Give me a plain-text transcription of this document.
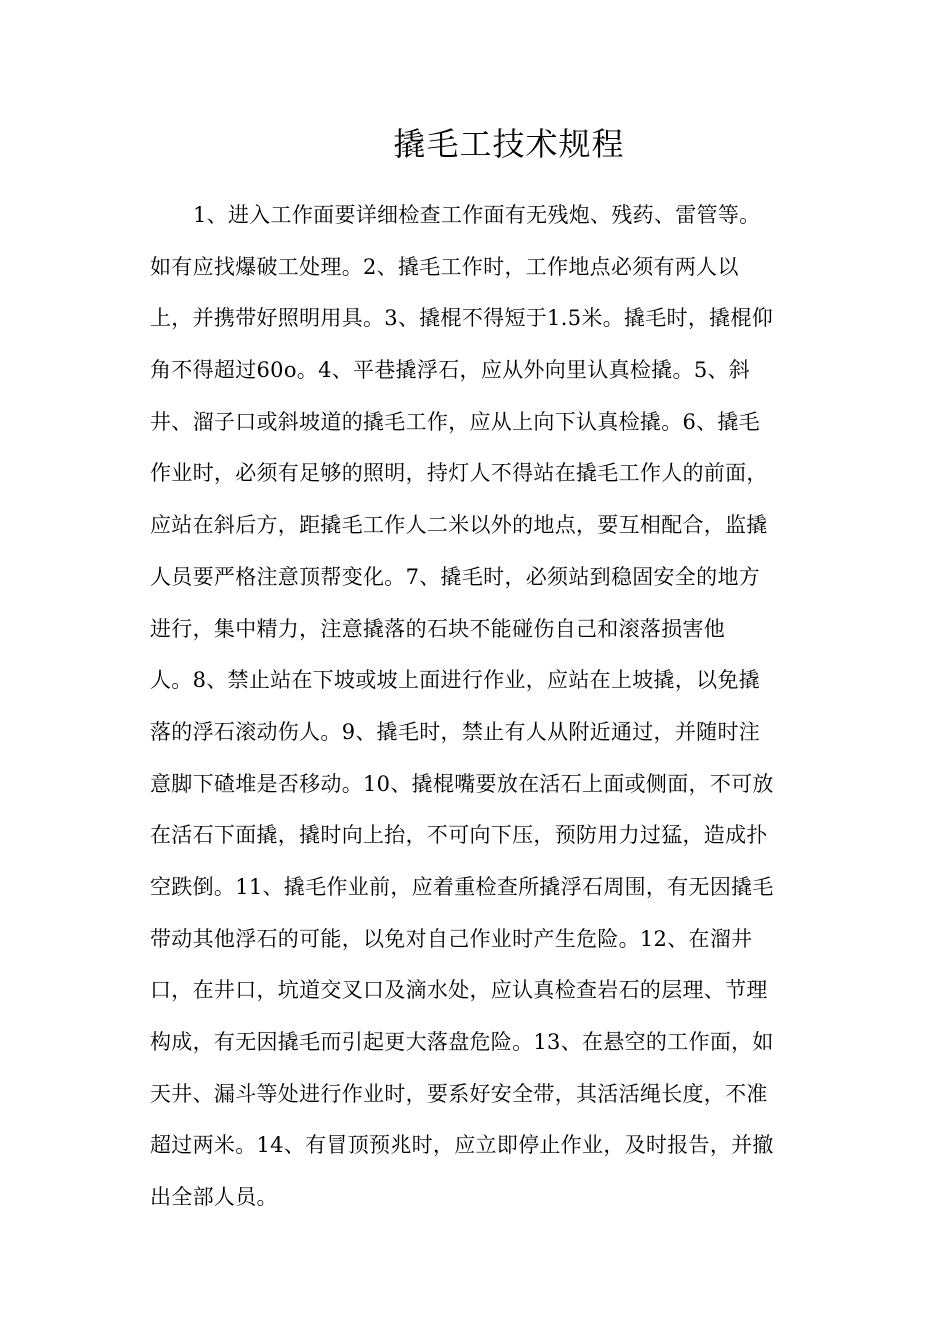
撬毛工技术规程
1、进入工作面要详细检查工作面有无残炮、残药、雷管等。
如有应找爆破工处理。2、撬毛工作时，工作地点必须有两人以
上，并携带好照明用具。3、撬棍不得短于1.5米。撬毛时，撬棍仰
角不得超过60o。4、平巷撬浮石，应从外向里认真检撬。5、斜
井、溜子口或斜坡道的撬毛工作，应从上向下认真检撬。6、撬毛
作业时，必须有足够的照明，持灯人不得站在撬毛工作人的前面，
应站在斜后方，距撬毛工作人二米以外的地点，要互相配合，监撬
人员要严格注意顶帮变化。7、撬毛时，必须站到稳固安全的地方
进行，集中精力，注意撬落的石块不能碰伤自己和滚落损害他
人。8、禁止站在下坡或坡上面进行作业，应站在上坡撬，以免撬
落的浮石滚动伤人。9、撬毛时，禁止有人从附近通过，并随时注
意脚下碴堆是否移动。10、撬棍嘴要放在活石上面或侧面，不可放
在活石下面撬，撬时向上抬，不可向下压，预防用力过猛，造成扑
空跌倒。11、撬毛作业前，应着重检查所撬浮石周围，有无因撬毛
带动其他浮石的可能，以免对自己作业时产生危险。12、在溜井
口，在井口，坑道交叉口及滴水处，应认真检查岩石的层理、节理
构成，有无因撬毛而引起更大落盘危险。13、在悬空的工作面，如
天井、漏斗等处进行作业时，要系好安全带，其活活绳长度，不准
超过两米。14、有冒顶预兆时，应立即停止作业，及时报告，并撤
出全部人员。
